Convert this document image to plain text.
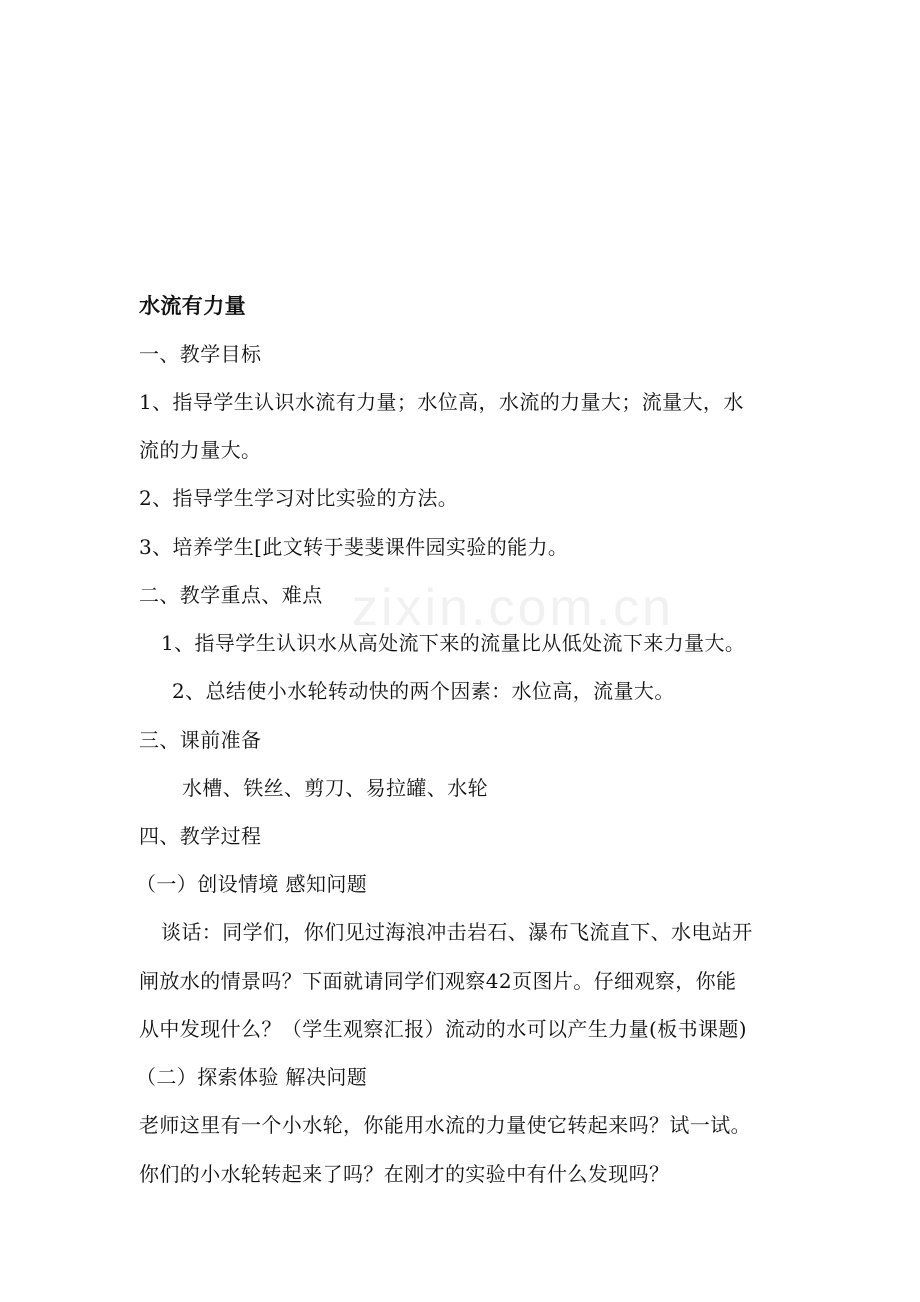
zixin.com.cn
水流有力量
一、教学目标
1、指导学生认识水流有力量；水位高，水流的力量大；流量大，水
流的力量大。
2、指导学生学习对比实验的方法。
3、培养学生[此文转于斐斐课件园实验的能力。
二、教学重点、难点
1、指导学生认识水从高处流下来的流量比从低处流下来力量大。
2、总结使小水轮转动快的两个因素：水位高，流量大。
三、课前准备
水槽、铁丝、剪刀、易拉罐、水轮
四、教学过程
（一）创设情境 感知问题
谈话：同学们，你们见过海浪冲击岩石、瀑布飞流直下、水电站开
闸放水的情景吗？下面就请同学们观察42页图片。仔细观察，你能
从中发现什么？（学生观察汇报）流动的水可以产生力量(板书课题)
（二）探索体验 解决问题
老师这里有一个小水轮，你能用水流的力量使它转起来吗？试一试。
你们的小水轮转起来了吗？在刚才的实验中有什么发现吗？
